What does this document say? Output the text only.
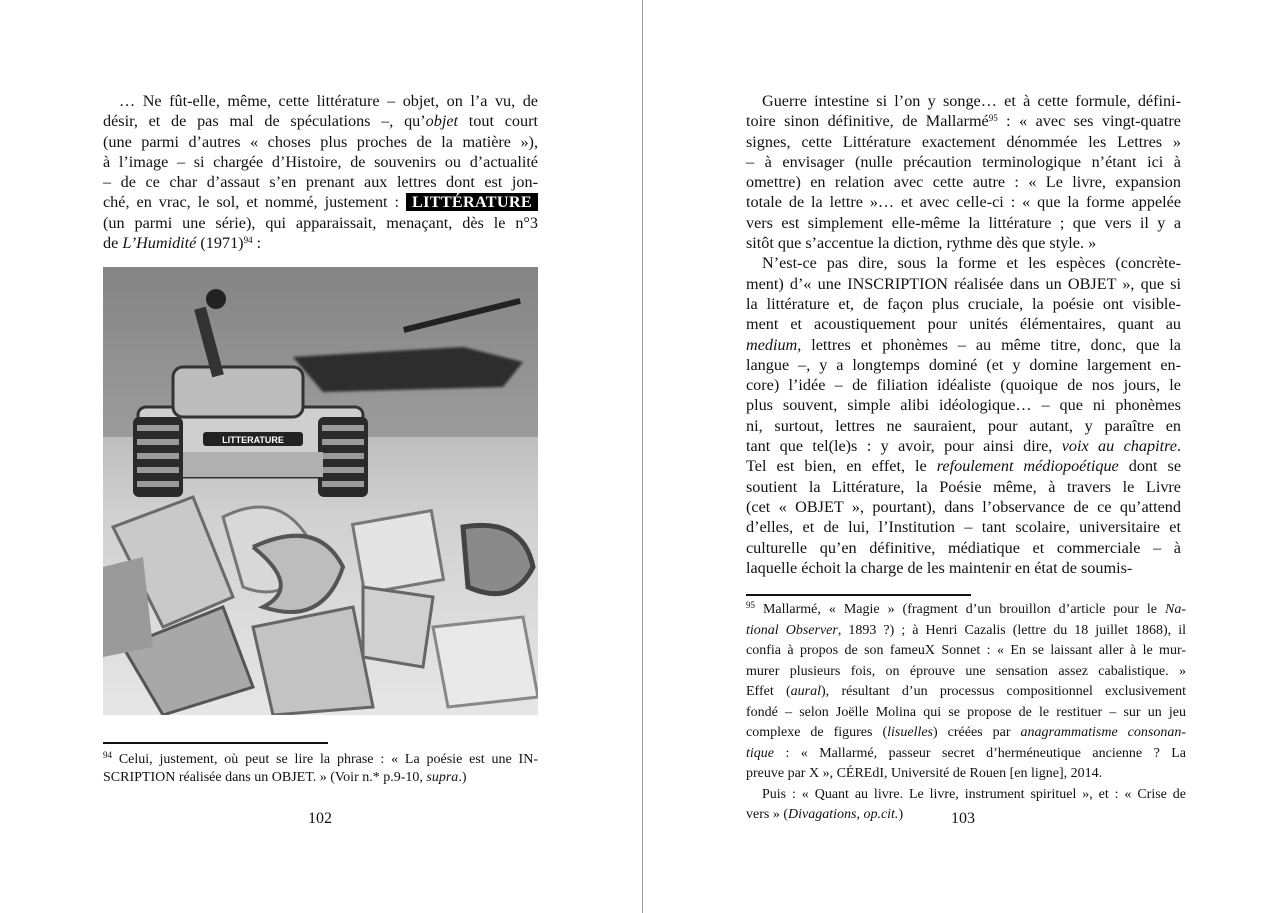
… Ne fût-elle, même, cette littérature – objet, on l’a vu, de
désir, et de pas mal de spéculations –, qu’objet tout court
(une parmi d’autres « choses plus proches de la matière »),
à l’image – si chargée d’Histoire, de souvenirs ou d’actualité
– de ce char d’assaut s’en prenant aux lettres dont est jon-
ché, en vrac, le sol, et nommé, justement : LITTÉRATURE
(un parmi une série), qui apparaissait, menaçant, dès le n°3
de L’Humidité $(1971)^{94}$ :
LITTERATURE
$^{94}$ Celui, justement, où peut se lire la phrase : « La poésie est une IN-
SCRIPTION réalisée dans un OBJET. » (Voir n.* p.9-10, supra.)
102
Guerre intestine si l’on y songe… et à cette formule, défini-
toire sinon définitive, de Mallarmé$^{95}$ : « avec ses vingt-quatre
signes, cette Littérature exactement dénommée les Lettres »
– à envisager (nulle précaution terminologique n’étant ici à
omettre) en relation avec cette autre : « Le livre, expansion
totale de la lettre »… et avec celle-ci : « que la forme appelée
vers est simplement elle-même la littérature ; que vers il y a
sitôt que s’accentue la diction, rythme dès que style. »
N’est-ce pas dire, sous la forme et les espèces (concrète-
ment) d’« une INSCRIPTION réalisée dans un OBJET », que si
la littérature et, de façon plus cruciale, la poésie ont visible-
ment et acoustiquement pour unités élémentaires, quant au
medium, lettres et phonèmes – au même titre, donc, que la
langue –, y a longtemps dominé (et y domine largement en-
core) l’idée – de filiation idéaliste (quoique de nos jours, le
plus souvent, simple alibi idéologique… – que ni phonèmes
ni, surtout, lettres ne sauraient, pour autant, y paraître en
tant que tel(le)s : y avoir, pour ainsi dire, voix au chapitre.
Tel est bien, en effet, le refoulement médiopoétique dont se
soutient la Littérature, la Poésie même, à travers le Livre
(cet « OBJET », pourtant), dans l’observance de ce qu’attend
d’elles, et de lui, l’Institution – tant scolaire, universitaire et
culturelle qu’en définitive, médiatique et commerciale – à
laquelle échoit la charge de les maintenir en état de soumis-
$^{95}$ Mallarmé, « Magie » (fragment d’un brouillon d’article pour le Na-
tional Observer, 1893 ?) ; à Henri Cazalis (lettre du 18 juillet 1868), il
confia à propos de son fameuX Sonnet : « En se laissant aller à le mur-
murer plusieurs fois, on éprouve une sensation assez cabalistique. »
Effet (aural), résultant d’un processus compositionnel exclusivement
fondé – selon Joëlle Molina qui se propose de le restituer – sur un jeu
complexe de figures (lisuelles) créées par anagrammatisme consonan-
tique : « Mallarmé, passeur secret d’herméneutique ancienne ? La
preuve par X », CÉREdI, Université de Rouen [en ligne], 2014.
Puis : « Quant au livre. Le livre, instrument spirituel », et : « Crise de
vers » (Divagations, op.cit.)	103
